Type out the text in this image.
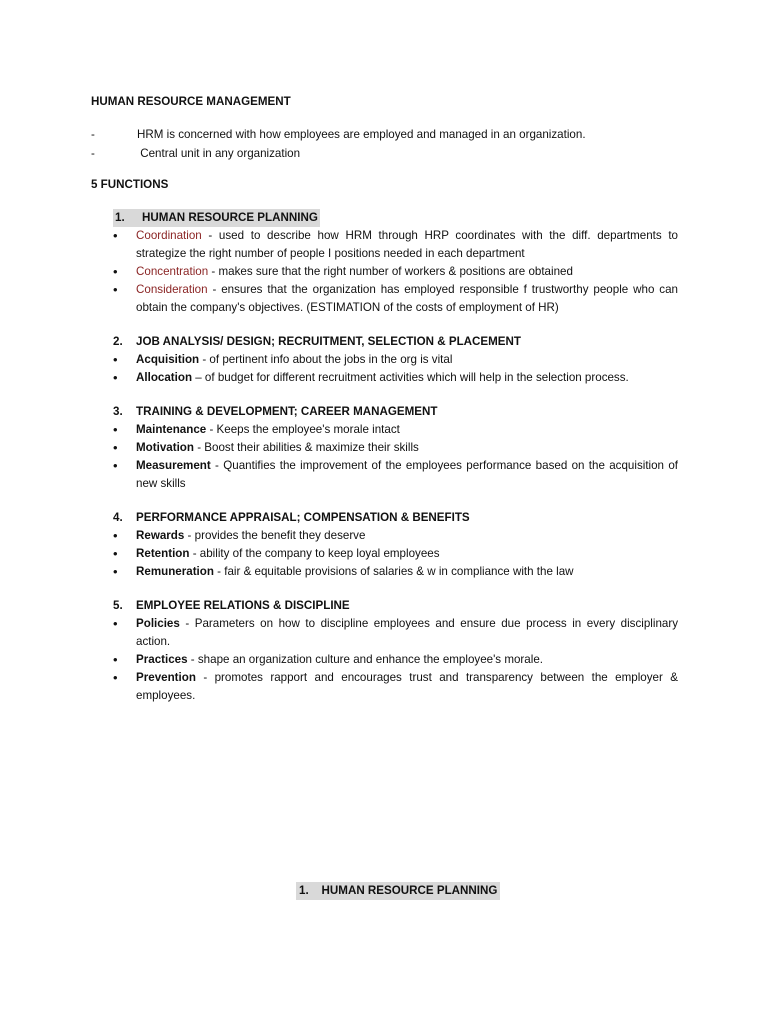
HUMAN RESOURCE MANAGEMENT
-	HRM is concerned with how employees are employed and managed in an organization.
-	Central unit in any organization
5 FUNCTIONS
1.	HUMAN RESOURCE PLANNING
•	Coordination - used to describe how HRM through HRP coordinates with the diff. departments to strategize the right number of people I positions needed in each department
•	Concentration - makes sure that the right number of workers & positions are obtained
•	Consideration - ensures that the organization has employed responsible f trustworthy people who can obtain the company's objectives. (ESTIMATION of the costs of employment of HR)
2.	JOB ANALYSIS/ DESIGN; RECRUITMENT, SELECTION & PLACEMENT
•	Acquisition - of pertinent info about the jobs in the org is vital
•	Allocation – of budget for different recruitment activities which will help in the selection process.
3.	TRAINING & DEVELOPMENT; CAREER MANAGEMENT
•	Maintenance - Keeps the employee's morale intact
•	Motivation - Boost their abilities & maximize their skills
•	Measurement - Quantifies the improvement of the employees performance based on the acquisition of new skills
4.	PERFORMANCE APPRAISAL; COMPENSATION & BENEFITS
•	Rewards - provides the benefit they deserve
•	Retention - ability of the company to keep loyal employees
•	Remuneration - fair & equitable provisions of salaries & w in compliance with the law
5.	EMPLOYEE RELATIONS & DISCIPLINE
•	Policies - Parameters on how to discipline employees and ensure due process in every disciplinary action.
•	Practices - shape an organization culture and enhance the employee's morale.
•	Prevention - promotes rapport and encourages trust and transparency between the employer & employees.
1.    HUMAN RESOURCE PLANNING
